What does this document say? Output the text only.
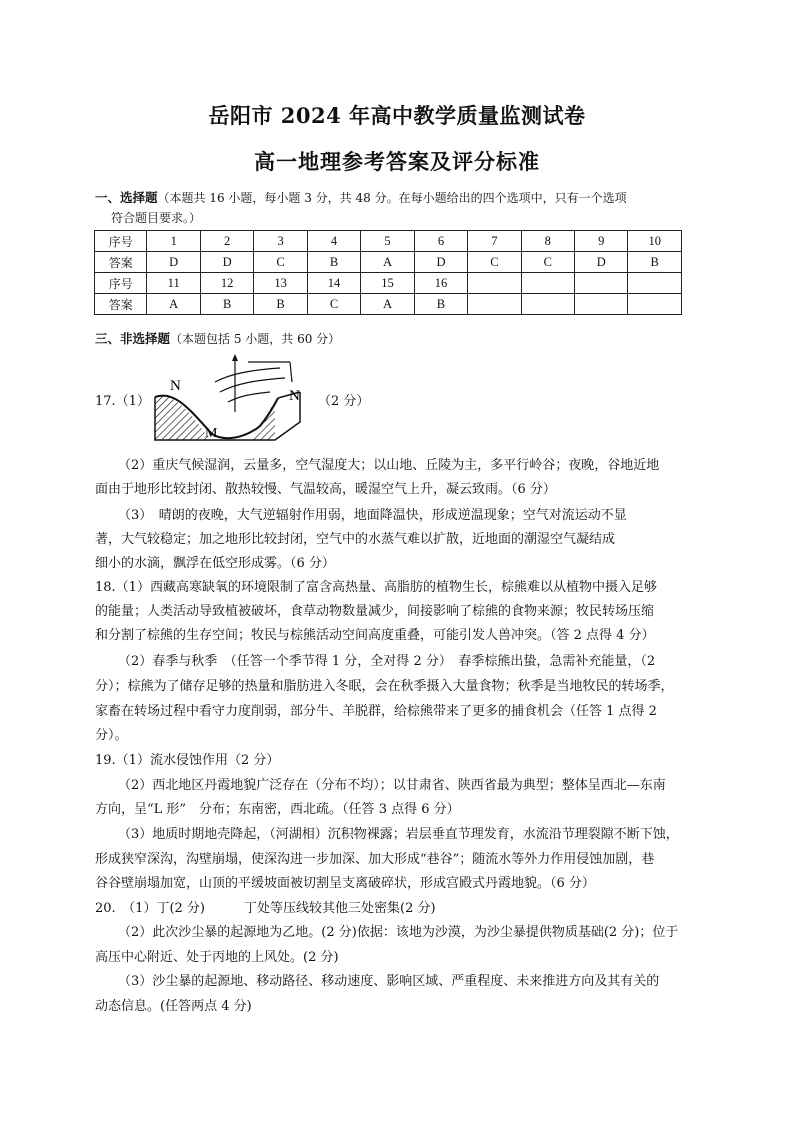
岳阳市 2024 年高中教学质量监测试卷
高一地理参考答案及评分标准
一、选择题（本题共 16 小题，每小题 3 分，共 48 分。在每小题给出的四个选项中，只有一个选项
符合题目要求。）
序号	1	2	3	4	5	6	7	8	9	10
答案	D	D	C	B	A	D	C	C	D	B
序号	11	12	13	14	15	16				
答案	A	B	B	C	A	B				
三、非选择题（本题包括 5 小题，共 60 分）
17.（1）
N
N
M
（2 分）
（2）重庆气候湿润，云量多，空气湿度大；以山地、丘陵为主，多平行岭谷；夜晚，谷地近地
面由于地形比较封闭、散热较慢、气温较高，暖湿空气上升，凝云致雨。（6 分）
（3）　晴朗的夜晚，大气逆辐射作用弱，地面降温快，形成逆温现象；空气对流运动不显
著，大气较稳定；加之地形比较封闭，空气中的水蒸气难以扩散，近地面的潮湿空气凝结成
细小的水滴，飘浮在低空形成雾。（6 分）
18.（1）西藏高寒缺氧的环境限制了富含高热量、高脂肪的植物生长，棕熊难以从植物中摄入足够
的能量；人类活动导致植被破坏，食草动物数量减少，间接影响了棕熊的食物来源；牧民转场压缩
和分割了棕熊的生存空间；牧民与棕熊活动空间高度重叠，可能引发人兽冲突。（答 2 点得 4 分）
（2）春季与秋季　（任答一个季节得 1 分，全对得 2 分）　春季棕熊出蛰，急需补充能量，（2
分）；棕熊为了储存足够的热量和脂肪进入冬眠，会在秋季摄入大量食物；秋季是当地牧民的转场季，
家畜在转场过程中看守力度削弱，部分牛、羊脱群，给棕熊带来了更多的捕食机会（任答 1 点得 2
分）。
19.（1）流水侵蚀作用（2 分）
（2）西北地区丹霞地貌广泛存在（分布不均）；以甘肃省、陕西省最为典型；整体呈西北—东南
方向，呈“L 形”　分布；东南密，西北疏。（任答 3 点得 6 分）
（3）地质时期地壳降起，（河湖相）沉积物裸露；岩层垂直节理发育，水流沿节理裂隙不断下蚀，
形成狭窄深沟，沟壁崩塌，使深沟进一步加深、加大形成“巷谷”；随流水等外力作用侵蚀加剧，巷
谷谷壁崩塌加宽，山顶的平缓坡面被切割呈支离破碎状，形成宫殿式丹霞地貌。（6 分）
20.　（1）丁(2 分)　　　丁处等压线较其他三处密集(2 分)
（2）此次沙尘暴的起源地为乙地。(2 分)依据：该地为沙漠，为沙尘暴提供物质基础(2 分)；位于
高压中心附近、处于丙地的上风处。(2 分)
（3）沙尘暴的起源地、移动路径、移动速度、影响区域、严重程度、未来推进方向及其有关的
动态信息。(任答两点 4 分)
